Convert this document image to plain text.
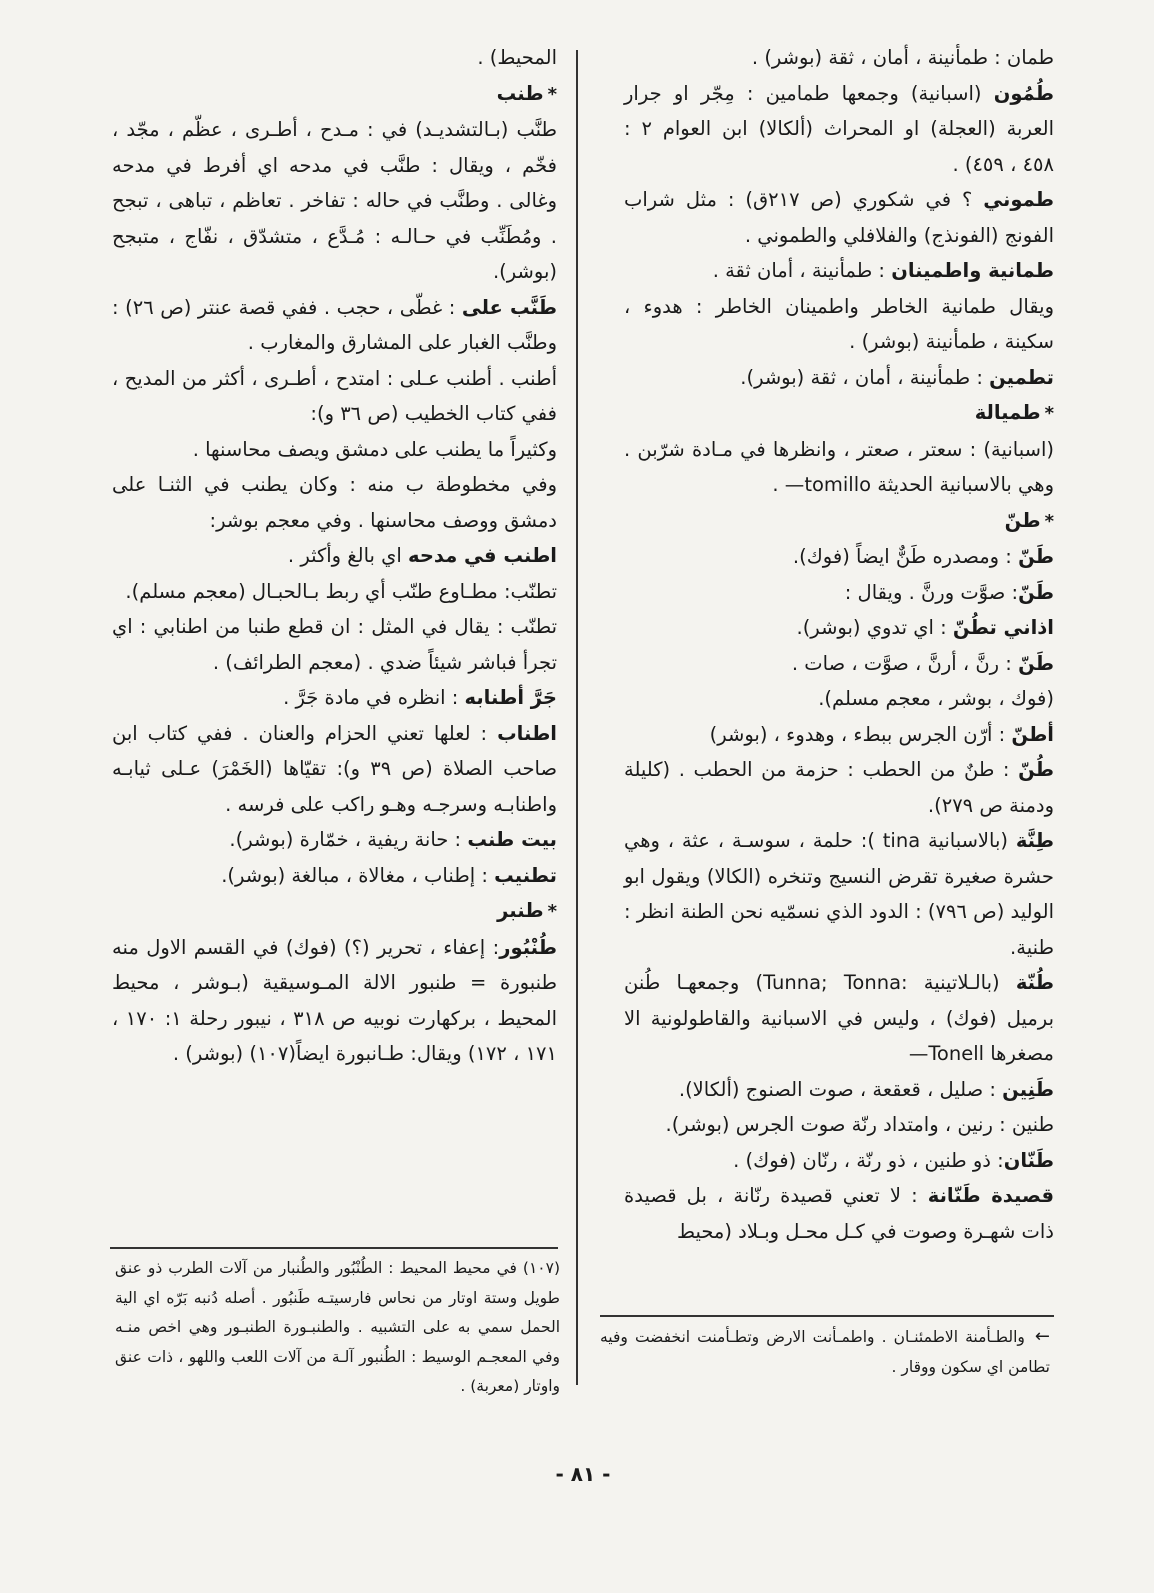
طمان : طمأنينة ، أمان ، ثقة (بوشر) .

طُمُون (اسبانية) وجمعها طمامين : مِجّر او جرار العربة (العجلة) او المحراث (ألكالا) ابن العوام ٢ : ٤٥٨ ، ٤٥٩) .

طموني ؟ في شكوري (ص ٢١٧ق) : مثل شراب الفونج (الفونذج) والفلافلي والطموني .

طمانية واطمينان : طمأنينة ، أمان ثقة .

ويقال طمانية الخاطر واطمينان الخاطر : هدوء ، سكينة ، طمأنينة (بوشر) .

تطمين : طمأنينة ، أمان ، ثقة (بوشر).

*طميالة

(اسبانية) : سعتر ، صعتر ، وانظرها في مـادة شرّبن . وهي بالاسبانية الحديثة tomillo— .

*طنّ

طَنّ : ومصدره طَنٌّ ايضاً (فوك).

طَنّ: صوَّت ورنَّ . ويقال :

اذاني تطُنّ : اي تدوي (بوشر).

طَنّ : رنَّ ، أرنَّ ، صوَّت ، صات .

(فوك ، بوشر ، معجم مسلم).

أطنّ : أرّن الجرس ببطء ، وهدوء ، (بوشر)

طُنّ : طنٌ من الحطب : حزمة من الحطب . (كليلة ودمنة ص ٢٧٩).

طِنَّة (بالاسبانية tina ): حلمة ، سوسـة ، عثة ، وهي حشرة صغيرة تقرض النسيج وتنخره (الكالا) ويقول ابو الوليد (ص ٧٩٦) : الدود الذي نسمّيه نحن الطنة انظر : طنية.

طُنّة (بالـلاتينية :Tunna; Tonna) وجمعهـا طُنن برميل (فوك) ، وليس في الاسبانية والقاطولونية الا مصغرها Tonell—

طَنِين : صليل ، قعقعة ، صوت الصنوج (ألكالا).

طنين : رنين ، وامتداد رنّة صوت الجرس (بوشر).

طَنّان: ذو طنين ، ذو رنّة ، رنّان (فوك) .

قصيدة طَنّانة : لا تعني قصيدة رنّانة ، بل قصيدة ذات شهـرة وصوت في كـل محـل وبـلاد (محيط

المحيط) .

*طنب

طنَّب (بـالتشديـد) في : مـدح ، أطـرى ، عظّم ، مجّد ، فخّم ، ويقال : طنَّب في مدحه اي أفرط في مدحه وغالى . وطنَّب في حاله : تفاخر . تعاظم ، تباهى ، تبجح . ومُطَنِّب في حـالـه : مُـدَّع ، متشدّق ، نفّاج ، متبجح (بوشر).

طَنَّب على : غطّى ، حجب . ففي قصة عنتر (ص ٢٦) : وطنَّب الغبار على المشارق والمغارب .

أطنب . أطنب عـلى : امتدح ، أطـرى ، أكثر من المديح ، ففي كتاب الخطيب (ص ٣٦ و):

وكثيراً ما يطنب على دمشق ويصف محاسنها .

وفي مخطوطة ب منه : وكان يطنب في الثنـا على دمشق ووصف محاسنها . وفي معجم بوشر:

اطنب في مدحه اي بالغ وأكثر .

تطنّب: مطـاوع طنّب أي ربط بـالحبـال (معجم مسلم).

تطنّب : يقال في المثل : ان قطع طنبا من اطنابي : اي تجرأ فباشر شيئاً ضدي . (معجم الطرائف) .

جَرَّ أطنابه : انظره في مادة جَرَّ .

اطناب : لعلها تعني الحزام والعنان . ففي كتاب ابن صاحب الصلاة (ص ٣٩ و): تقيّاها (الخَمْرَ) عـلى ثيابـه واطنابـه وسرجـه وهـو راكب على فرسه .

بيت طنب : حانة ريفية ، خمّارة (بوشر).

تطنيب : إطناب ، مغالاة ، مبالغة (بوشر).

*طنبر

طُنْبُور: إعفاء ، تحرير (؟) (فوك) في القسم الاول منه طنبورة = طنبور الالة المـوسيقية (بـوشر ، محيط المحيط ، بركهارت نوبيه ص ٣١٨ ، نيبور رحلة ١: ١٧٠ ، ١٧١ ، ١٧٢) ويقال: طـانبورة ايضاً(١٠٧) (بوشر) .

(١٠٧) في محيط المحيط : الطُنْبُور والطُنبار من آلات الطرب ذو عنق طويل وستة اوتار من نحاس فارسيتـه طَنبُور . أصله دُنبه بَرّه اي الية الحمل سمي به على التشبيه . والطنبـورة الطنبـور وهي اخص منـه وفي المعجـم الوسيط : الطُنبور آلـة من آلات اللعب واللهو ، ذات عنق واوتار (معربة) .

←والطـأمنة الاطمئنـان . واطمـأنت الارض وتطـأمنت انخفضت وفيه تطامن اي سكون ووقار .

- ٨١ -
